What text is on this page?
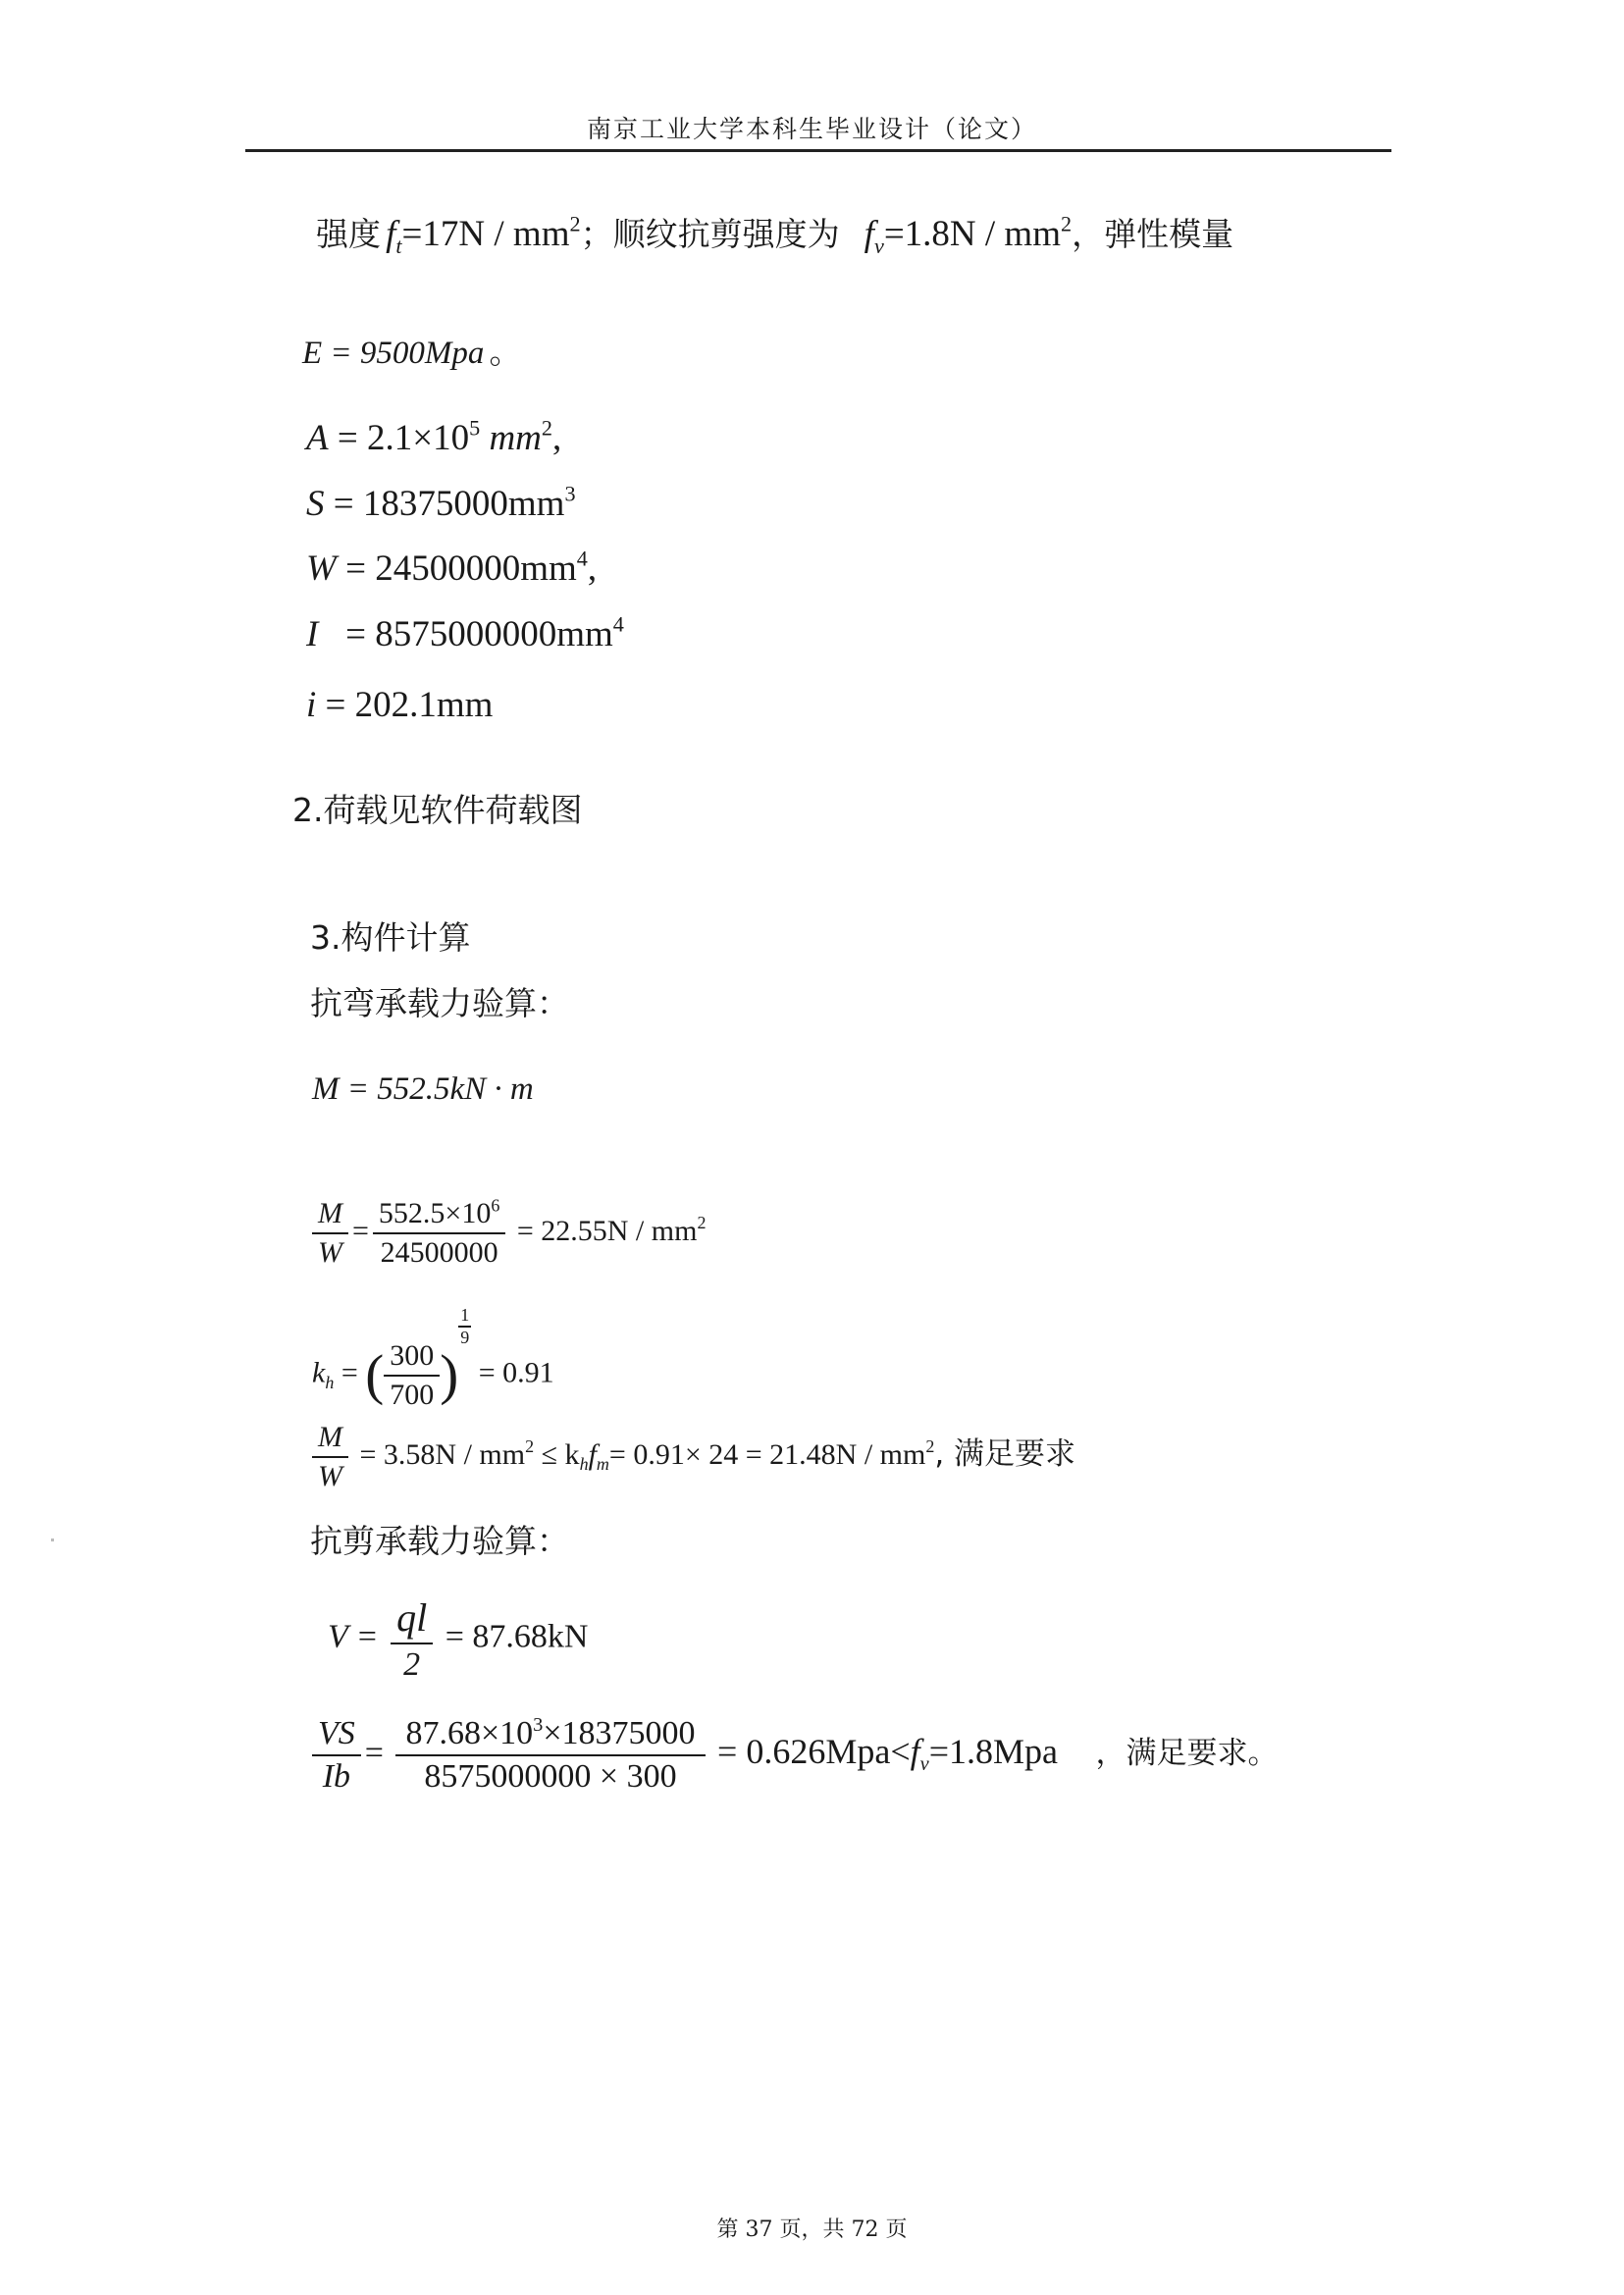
南京工业大学本科生毕业设计（论文）
强度 $f_t=17N / mm^2$；顺纹抗剪强度为 $f_v=1.8N / mm^2$，弹性模量
E = 9500Mpa 。
$A = 2.1\times 10^5$ $mm^2$,
$S = 18375000mm^3$
$W = 24500000mm^4$,
$I = 8575000000mm^4$
i = 202.1mm
2.荷载见软件荷载图
3.构件计算
抗弯承载力验算：
M = 552.5kN · m
$\frac{M}{W} = \frac{552.5\times 10^6}{24500000} = 22.55N / mm^2$
$k_h$ = ( $\frac{300}{700}$ )
$\frac{1}{9}$
= 0.91
$\frac{M}{W} = 3.58N / mm^2 \le k_hf_m= 0.91\times 24 = 21.48N / mm^2$, 满足要求
抗剪承载力验算：
$V = \frac{ql}{2} = 87.68kN$
$\frac{VS}{Ib} = \frac{87.68\times 10^3\times 18375000}{8575000000 \times 300} = 0.626Mpa<f_v=1.8Mpa$ ，满足要求。
第 37 页，共 72 页
